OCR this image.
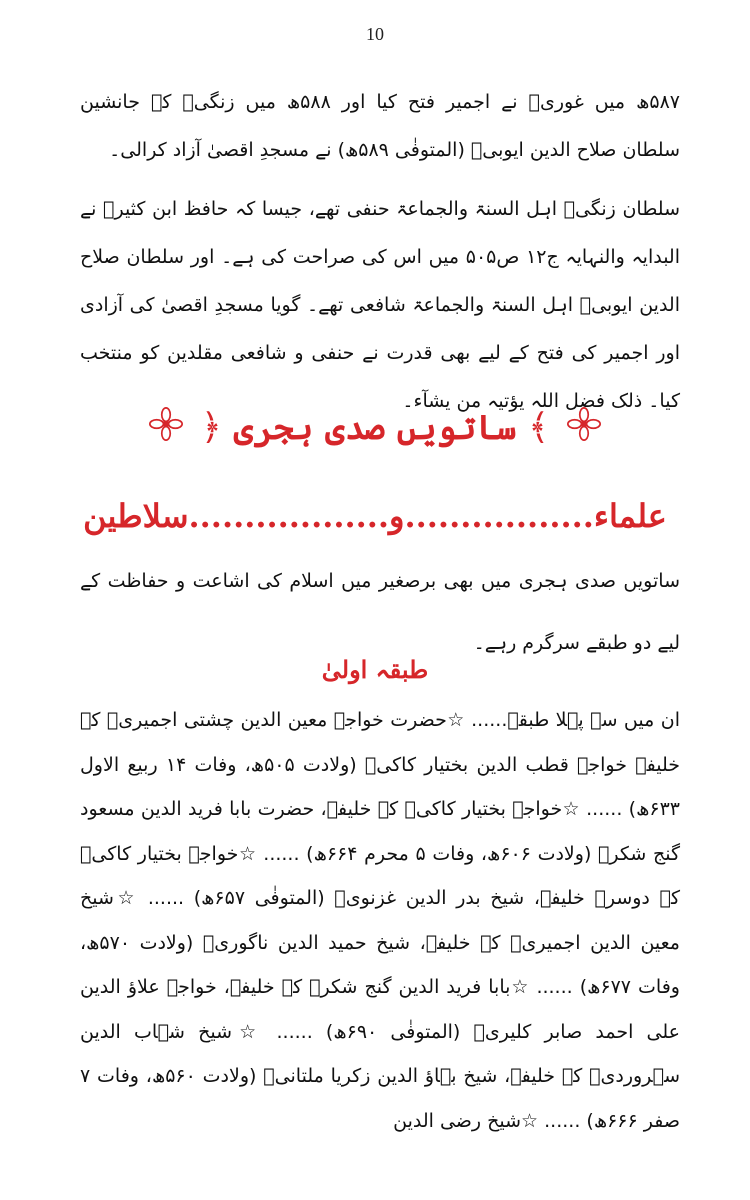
10

۵۸۷ھ میں غوریؒ نے اجمیر فتح کیا اور ۵۸۸ھ میں زنگیؒ کے جانشین سلطان صلاح الدین ایوبیؒ (المتوفٰی ۵۸۹ھ) نے مسجدِ اقصیٰ آزاد کرالی۔

سلطان زنگیؒ اہل السنۃ والجماعۃ حنفی تھے، جیسا کہ حافظ ابن کثیرؒ نے البدایہ والنہایہ ج۱۲ ص۵۰۵ میں اس کی صراحت کی ہے۔ اور سلطان صلاح الدین ایوبیؒ اہل السنۃ والجماعۃ شافعی تھے۔ گویا مسجدِ اقصیٰ کی آزادی اور اجمیر کی فتح کے لیے بھی قدرت نے حنفی و شافعی مقلدین کو منتخب کیا۔ ذلک فضل اللہ یؤتیہ من یشآء۔

﴾ ساتویں صدی ہجری ﴿
علماء.................و..................سلاطین

ساتویں صدی ہجری میں بھی برصغیر میں اسلام کی اشاعت و حفاظت کے لیے دو طبقے سرگرم رہے۔

طبقہ اولیٰ

ان میں سے پہلا طبقہ...... ☆حضرت خواجہ معین الدین چشتی اجمیریؒ کے خلیفہ خواجہ قطب الدین بختیار کاکیؒ (ولادت ۵۰۵ھ، وفات ۱۴ ربیع الاول ۶۳۳ھ) ...... ☆خواجہ بختیار کاکیؒ کے خلیفہ، حضرت بابا فرید الدین مسعود گنج شکرؒ (ولادت ۶۰۶ھ، وفات ۵ محرم ۶۶۴ھ) ...... ☆خواجہ بختیار کاکیؒ کے دوسرے خلیفہ، شیخ بدر الدین غزنویؒ (المتوفٰی ۶۵۷ھ) ...... ☆شیخ معین الدین اجمیریؒ کے خلیفہ، شیخ حمید الدین ناگوریؒ (ولادت ۵۷۰ھ، وفات ۶۷۷ھ) ...... ☆بابا فرید الدین گنج شکرؒ کے خلیفہ، خواجہ علاؤ الدین علی احمد صابر کلیریؒ (المتوفٰی ۶۹۰ھ) ...... ☆شیخ شہاب الدین سہروردیؒ کے خلیفہ، شیخ بہاؤ الدین زکریا ملتانیؒ (ولادت ۵۶۰ھ، وفات ۷ صفر ۶۶۶ھ) ...... ☆شیخ رضی الدین
